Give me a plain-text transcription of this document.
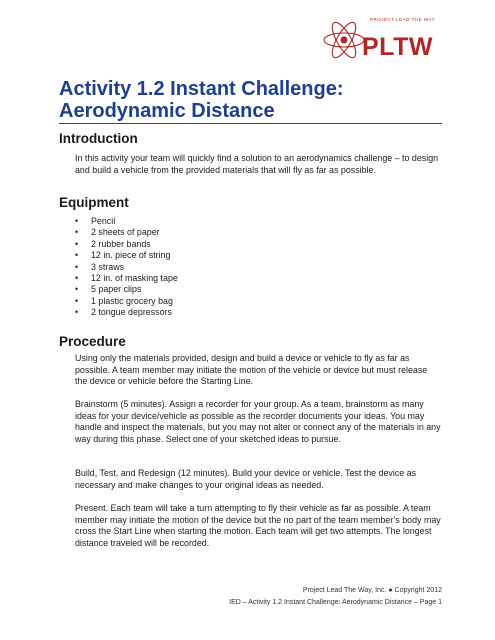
PROJECT LEAD THE WAY
PLTW
Activity 1.2 Instant Challenge:
Aerodynamic Distance
Introduction

In this activity your team will quickly find a solution to an aerodynamics challenge – to design and build a vehicle from the provided materials that will fly as far as possible.

Equipment
• Pencil
• 2 sheets of paper
• 2 rubber bands
• 12 in. piece of string
• 3 straws
• 12 in. of masking tape
• 5 paper clips
• 1 plastic grocery bag
• 2 tongue depressors
Procedure

Using only the materials provided, design and build a device or vehicle to fly as far as possible. A team member may initiate the motion of the vehicle or device but must release the device or vehicle before the Starting Line.

Brainstorm (5 minutes). Assign a recorder for your group. As a team, brainstorm as many ideas for your device/vehicle as possible as the recorder documents your ideas. You may handle and inspect the materials, but you may not alter or connect any of the materials in any way during this phase. Select one of your sketched ideas to pursue.

Build, Test, and Redesign (12 minutes). Build your device or vehicle. Test the device as necessary and make changes to your original ideas as needed.

Present. Each team will take a turn attempting to fly their vehicle as far as possible. A team member may initiate the motion of the device but the no part of the team member’s body may cross the Start Line when starting the motion. Each team will get two attempts. The longest distance traveled will be recorded.

Project Lead The Way, Inc. ● Copyright 2012

IED – Activity 1.2 Instant Challenge: Aerodynamic Distance – Page 1
